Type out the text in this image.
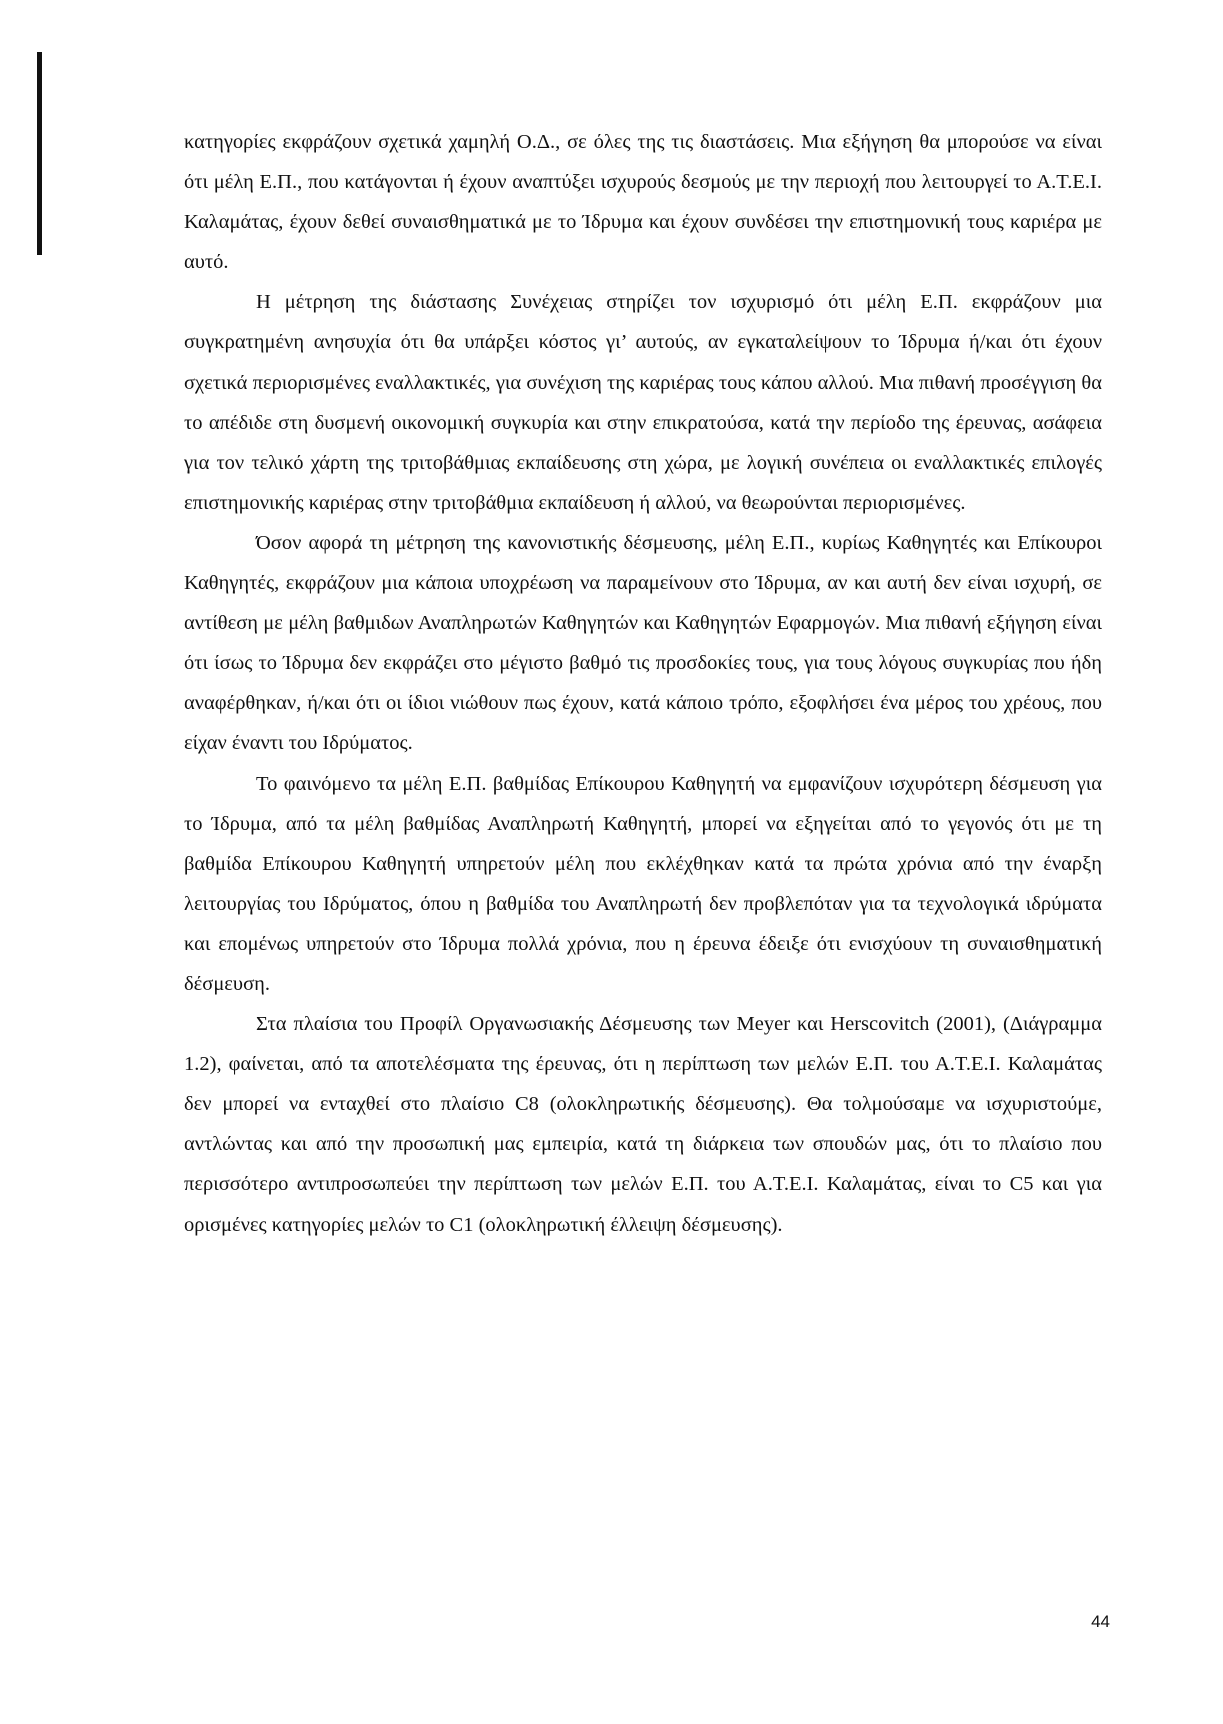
κατηγορίες εκφράζουν σχετικά χαμηλή Ο.Δ., σε όλες της τις διαστάσεις. Μια εξήγηση θα μπορούσε να είναι ότι μέλη Ε.Π., που κατάγονται ή έχουν αναπτύξει ισχυρούς δεσμούς με την περιοχή που λειτουργεί το Α.Τ.Ε.Ι. Καλαμάτας, έχουν δεθεί συναισθηματικά με το Ίδρυμα και έχουν συνδέσει την επιστημονική τους καριέρα με αυτό.

Η μέτρηση της διάστασης Συνέχειας στηρίζει τον ισχυρισμό ότι μέλη Ε.Π. εκφράζουν μια συγκρατημένη ανησυχία ότι θα υπάρξει κόστος γι’ αυτούς, αν εγκαταλείψουν το Ίδρυμα ή/και ότι έχουν σχετικά περιορισμένες εναλλακτικές, για συνέχιση της καριέρας τους κάπου αλλού. Μια πιθανή προσέγγιση θα το απέδιδε στη δυσμενή οικονομική συγκυρία και στην επικρατούσα, κατά την περίοδο της έρευνας, ασάφεια για τον τελικό χάρτη της τριτοβάθμιας εκπαίδευσης στη χώρα, με λογική συνέπεια οι εναλλακτικές επιλογές επιστημονικής καριέρας στην τριτοβάθμια εκπαίδευση ή αλλού, να θεωρούνται περιορισμένες.

Όσον αφορά τη μέτρηση της κανονιστικής δέσμευσης, μέλη Ε.Π., κυρίως Καθηγητές και Επίκουροι Καθηγητές, εκφράζουν μια κάποια υποχρέωση να παραμείνουν στο Ίδρυμα, αν και αυτή δεν είναι ισχυρή, σε αντίθεση με μέλη βαθμιδων Αναπληρωτών Καθηγητών και Καθηγητών Εφαρμογών. Μια πιθανή εξήγηση είναι ότι ίσως το Ίδρυμα δεν εκφράζει στο μέγιστο βαθμό τις προσδοκίες τους, για τους λόγους συγκυρίας που ήδη αναφέρθηκαν, ή/και ότι οι ίδιοι νιώθουν πως έχουν, κατά κάποιο τρόπο, εξοφλήσει ένα μέρος του χρέους, που είχαν έναντι του Ιδρύματος.

Το φαινόμενο τα μέλη Ε.Π. βαθμίδας Επίκουρου Καθηγητή να εμφανίζουν ισχυρότερη δέσμευση για το Ίδρυμα, από τα μέλη βαθμίδας Αναπληρωτή Καθηγητή, μπορεί να εξηγείται από το γεγονός ότι με τη βαθμίδα Επίκουρου Καθηγητή υπηρετούν μέλη που εκλέχθηκαν κατά τα πρώτα χρόνια από την έναρξη λειτουργίας του Ιδρύματος, όπου η βαθμίδα του Αναπληρωτή δεν προβλεπόταν για τα τεχνολογικά ιδρύματα και επομένως υπηρετούν στο Ίδρυμα πολλά χρόνια, που η έρευνα έδειξε ότι ενισχύουν τη συναισθηματική δέσμευση.

Στα πλαίσια του Προφίλ Οργανωσιακής Δέσμευσης των Meyer και Herscovitch (2001), (Διάγραμμα 1.2), φαίνεται, από τα αποτελέσματα της έρευνας, ότι η περίπτωση των μελών Ε.Π. του Α.Τ.Ε.Ι. Καλαμάτας δεν μπορεί να ενταχθεί στο πλαίσιο C8 (ολοκληρωτικής δέσμευσης). Θα τολμούσαμε να ισχυριστούμε, αντλώντας και από την προσωπική μας εμπειρία, κατά τη διάρκεια των σπουδών μας, ότι το πλαίσιο που περισσότερο αντιπροσωπεύει την περίπτωση των μελών Ε.Π. του Α.Τ.Ε.Ι. Καλαμάτας, είναι το C5 και για ορισμένες κατηγορίες μελών το C1 (ολοκληρωτική έλλειψη δέσμευσης).

44
